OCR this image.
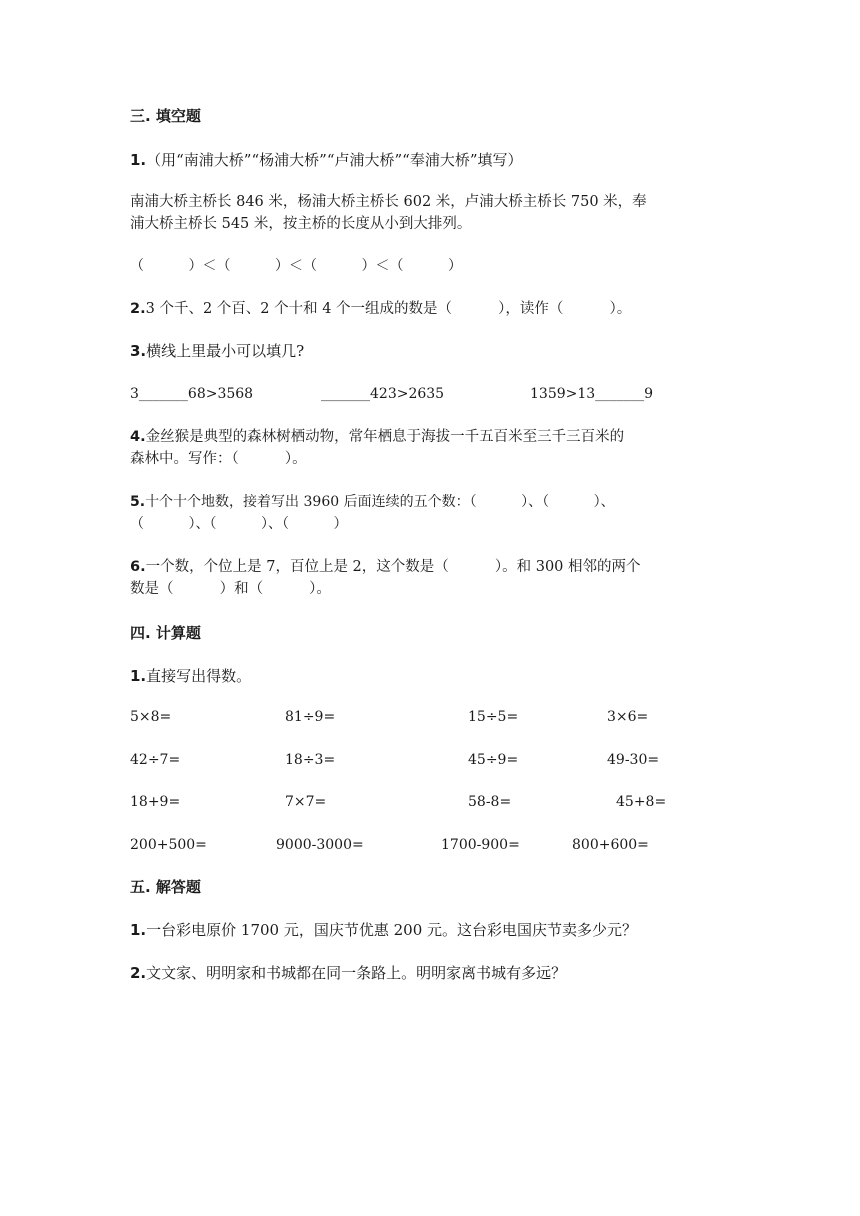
三. 填空题
1.（用“南浦大桥”“杨浦大桥”“卢浦大桥”“奉浦大桥”填写）
南浦大桥主桥长 846 米，杨浦大桥主桥长 602 米，卢浦大桥主桥长 750 米，奉
浦大桥主桥长 545 米，按主桥的长度从小到大排列。
（          ）＜（          ）＜（          ）＜（          ）
2.3 个千、2 个百、2 个十和 4 个一组成的数是（          ），读作（          ）。
3.横线上里最小可以填几?
3_______68>3568	_______423>2635	1359>13_______9
4.金丝猴是典型的森林树栖动物，常年栖息于海拔一千五百米至三千三百米的
森林中。写作：（          ）。
5.十个十个地数，接着写出 3960 后面连续的五个数：（          ）、（          ）、
（          ）、（          ）、（          ）
6.一个数，个位上是 7，百位上是 2，这个数是（          ）。和 300 相邻的两个
数是（          ）和（          ）。
四. 计算题
1.直接写出得数。
5×8=	81÷9=	15÷5=	3×6=
42÷7=	18÷3=	45÷9=	49-30=
18+9=	7×7=	58-8=	45+8=
200+500=	9000-3000=	1700-900=	800+600=
五. 解答题
1.一台彩电原价 1700 元，国庆节优惠 200 元。这台彩电国庆节卖多少元？
2.文文家、明明家和书城都在同一条路上。明明家离书城有多远？
